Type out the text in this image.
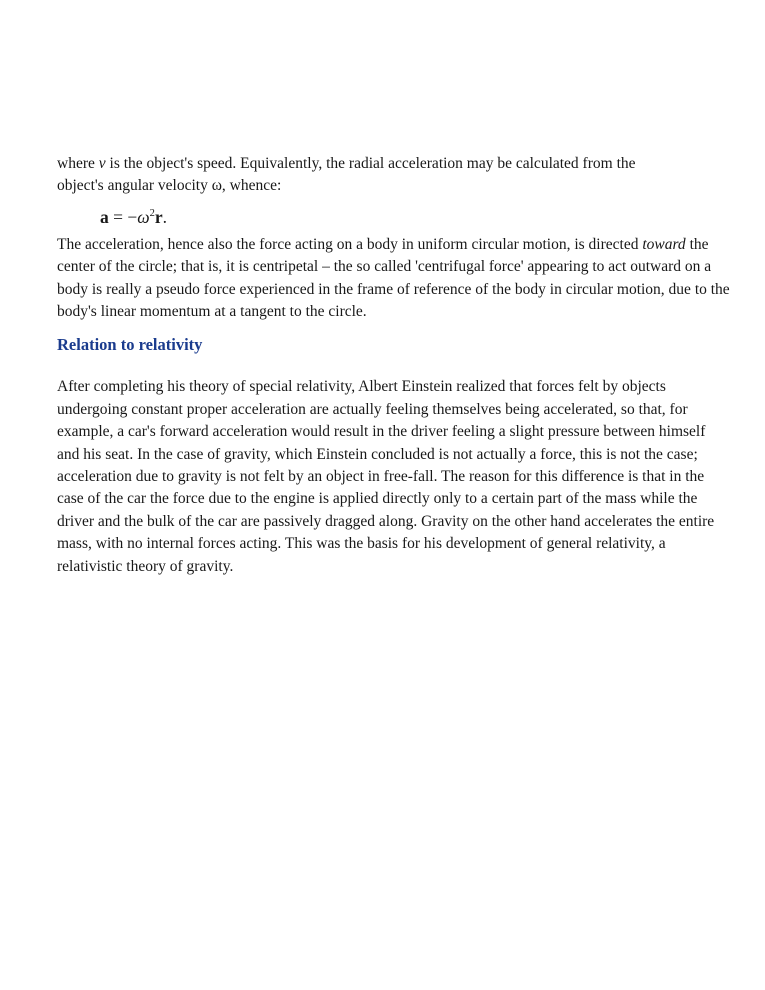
where v is the object's speed. Equivalently, the radial acceleration may be calculated from the
object's angular velocity ω, whence:

$a = -\omega^2r$.

The acceleration, hence also the force acting on a body in uniform circular motion, is directed toward the
center of the circle; that is, it is centripetal – the so called 'centrifugal force' appearing to act outward on a
body is really a pseudo force experienced in the frame of reference of the body in circular motion, due to the
body's linear momentum at a tangent to the circle.

Relation to relativity

After completing his theory of special relativity, Albert Einstein realized that forces felt by objects
undergoing constant proper acceleration are actually feeling themselves being accelerated, so that, for
example, a car's forward acceleration would result in the driver feeling a slight pressure between himself
and his seat. In the case of gravity, which Einstein concluded is not actually a force, this is not the case;
acceleration due to gravity is not felt by an object in free-fall. The reason for this difference is that in the
case of the car the force due to the engine is applied directly only to a certain part of the mass while the
driver and the bulk of the car are passively dragged along. Gravity on the other hand accelerates the entire
mass, with no internal forces acting. This was the basis for his development of general relativity, a
relativistic theory of gravity.
